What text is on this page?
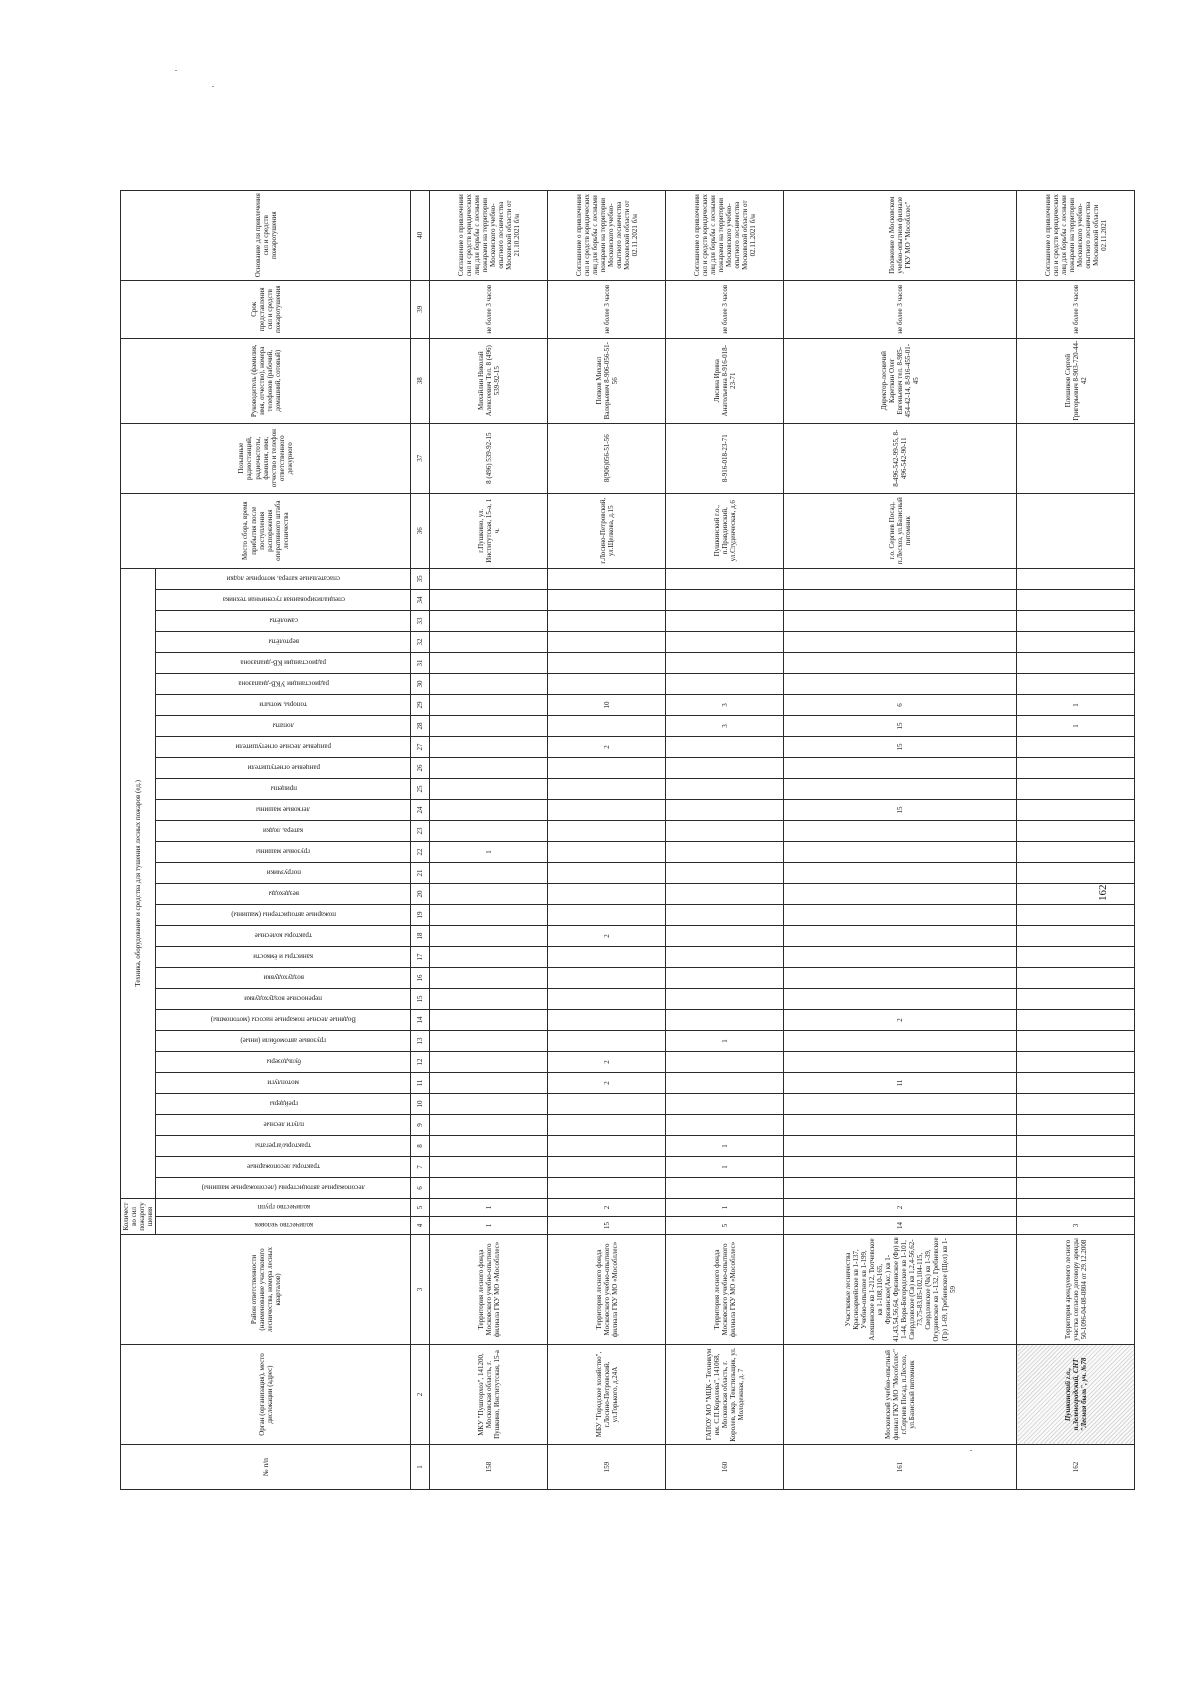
№ п/п	Орган (организация), место дислокации (адрес)	Район ответственности (наименование участкового лесничества, номера лесных кварталов)	Количество сил пожаротушения		Техника, оборудование и средства для тушения лесных пожаров (ед.)																														Место сбора, время прибытия после поступления распоряжения оперативного штаба лесничества	Позывные радиостанций, радиочастоты, фамилия, имя, отчество и телефон ответственного дежурного	Руководитель (фамилия, имя, отчество), номера телефонов (рабочий, домашний, сотовый)	Срок представления сил и средств пожаротушения	Основание для привлечения сил и средств пожаротушения	
			количество человек	количество групп	лесопожарные автоцистерны (лесопожарные машины)	тракторы лесопожарные	тракторы/агрегаты	плуги лесные	грейдеры	мотоплуги	бульдозеры	грузовые автомобили (иные)	Водяные лесные пожарные насосы (мотопомпы)	переносные воздуходувки	воздуходувки	канистры и ёмкости	тракторы колесные	пожарные автоцистерны (машины)	вездеходы	погрузчики	грузовые машины	катера, лодки	легковые машины	прицепы	ранцевые огнетушители	ранцевые лесные огнетушители	лопаты	топоры, мотыги	радиостанции УКВ-диапазона	радиостанции КВ-диапазона	вертолёты	самолёты	специализированная гусеничная техника	спасательные катера, моторные лодки						
1	2	3	4	5	6	7	8	9	10	11	12	13	14	15	16	17	18	19	20	21	22	23	24	25	26	27	28	29	30	31	32	33	34	35	36	37	38	39	40	
158	МКУ "Пушгорхоз", 141200, Московская область, г. Пушкино, Институтская, 15-а	Территория лесного фонда Московского учебно-опытного филиала ГКУ МО «Мособллес»	1	1																	1														г.Пушкино, ул. Институтская, 15-а, 1 ч.	8 (496) 539-92-15	Михайлин Николай Алексеевич Тел. 8 (496) 539-92-15	не более 3 часов	Соглашение о привлечении сил и средств юридических лиц для борьбы с лесными пожарами на территории Московского учебно-опытного лесничества Московской области от 21.10.2021 б/н	
159	МБУ "Городское хозяйство", г.Лосино-Петровский, ул.Горького, д.24А	Территория лесного фонда Московского учебно-опытного филиала ГКУ МО «Мособллес»	15	2						2	2						2									2		10							г.Лосино-Петровский, ул.Щелкова, д.15	8(906)056-51-56	Попков Михаил Валерьевич 8-906-056-51-56	не более 3 часов	Соглашение о привлечении сил и средств юридических лиц для борьбы с лесными пожарами на территории Московского учебно-опытного лесничества Московской области от 02.11.2021 б/н	
160	ГАПОУ МО "МЦК - Техникум им. С.П.Королева", 141068, Московская область, г. Королев, мкр. Текстильщик, ул. Молодежная, д. 7	Территория лесного фонда Московского учебно-опытного филиала ГКУ МО «Мособллес»	5	1		1	1					1															3	3							Пушкинский г.о., п.Правдинский, ул.Студенческая, д.6	8-916-018-23-71	Лисина Ирина Анатольевна 8-916-018-23-71	не более 3 часов	Соглашение о привлечении сил и средств юридических лиц для борьбы с лесными пожарами на территории Московского учебно-опытного лесничества Московской области от 02.11.2021 б/н	
161	Московский учебно-опытный филиал ГКУ МО "Мособллес" г.Сергиев Посад, п.Лесхоз, ул.Базисный питомник	Участковые лесничества Красноармейское кв 1-137, Учебно-опытное кв 1-199, Алешинское кв 1-212, Тютчевское кв 1-108,110-165, Фрязинское(Акс.) кв 1-41,43,54,56,64, Фрязинское (Фр) кв 1-44, Воря-Богородское кв 1-101, Свердловское (Св) кв 1,2,4-56,62-73,75-83,85-102,104-115, Свердловское (Чк) кв 1-39, Огудневское кв 1-132, Гребневское (Гр) 1-69, Гребневское (Щел) кв 1-59	14	2						11			2										15			15	15	6							г.о. Сергиев Посад, п.Лесхоз, ул.Базисный питомник	8-496-542-99-55, 8-496-542-90-11	Директор-лесничий Кареткин Олег Евгеньевич тел. 8-985-454-42-14, 8-916-455-01-45	не более 3 часов	Положение о Московском учебно-опытном филиале ГКУ МО "Мособллес"	
162	Пушкинский г.о., п.Зеленоградский, СНТ "Лесная быль", уч. №78	Территория арендуемого лесного участка согласно договору аренды 50-1096-04-08-0804 от 29.12.2008	3																								1	1									Плешиков Сергей Григорьевич 8-903-720-44-42	не более 3 часов	Соглашение о привлечении сил и средств юридических лиц для борьбы с лесными пожарами на территории Московского учебно-опытного лесничества Московской области 02.11.2021	
162
